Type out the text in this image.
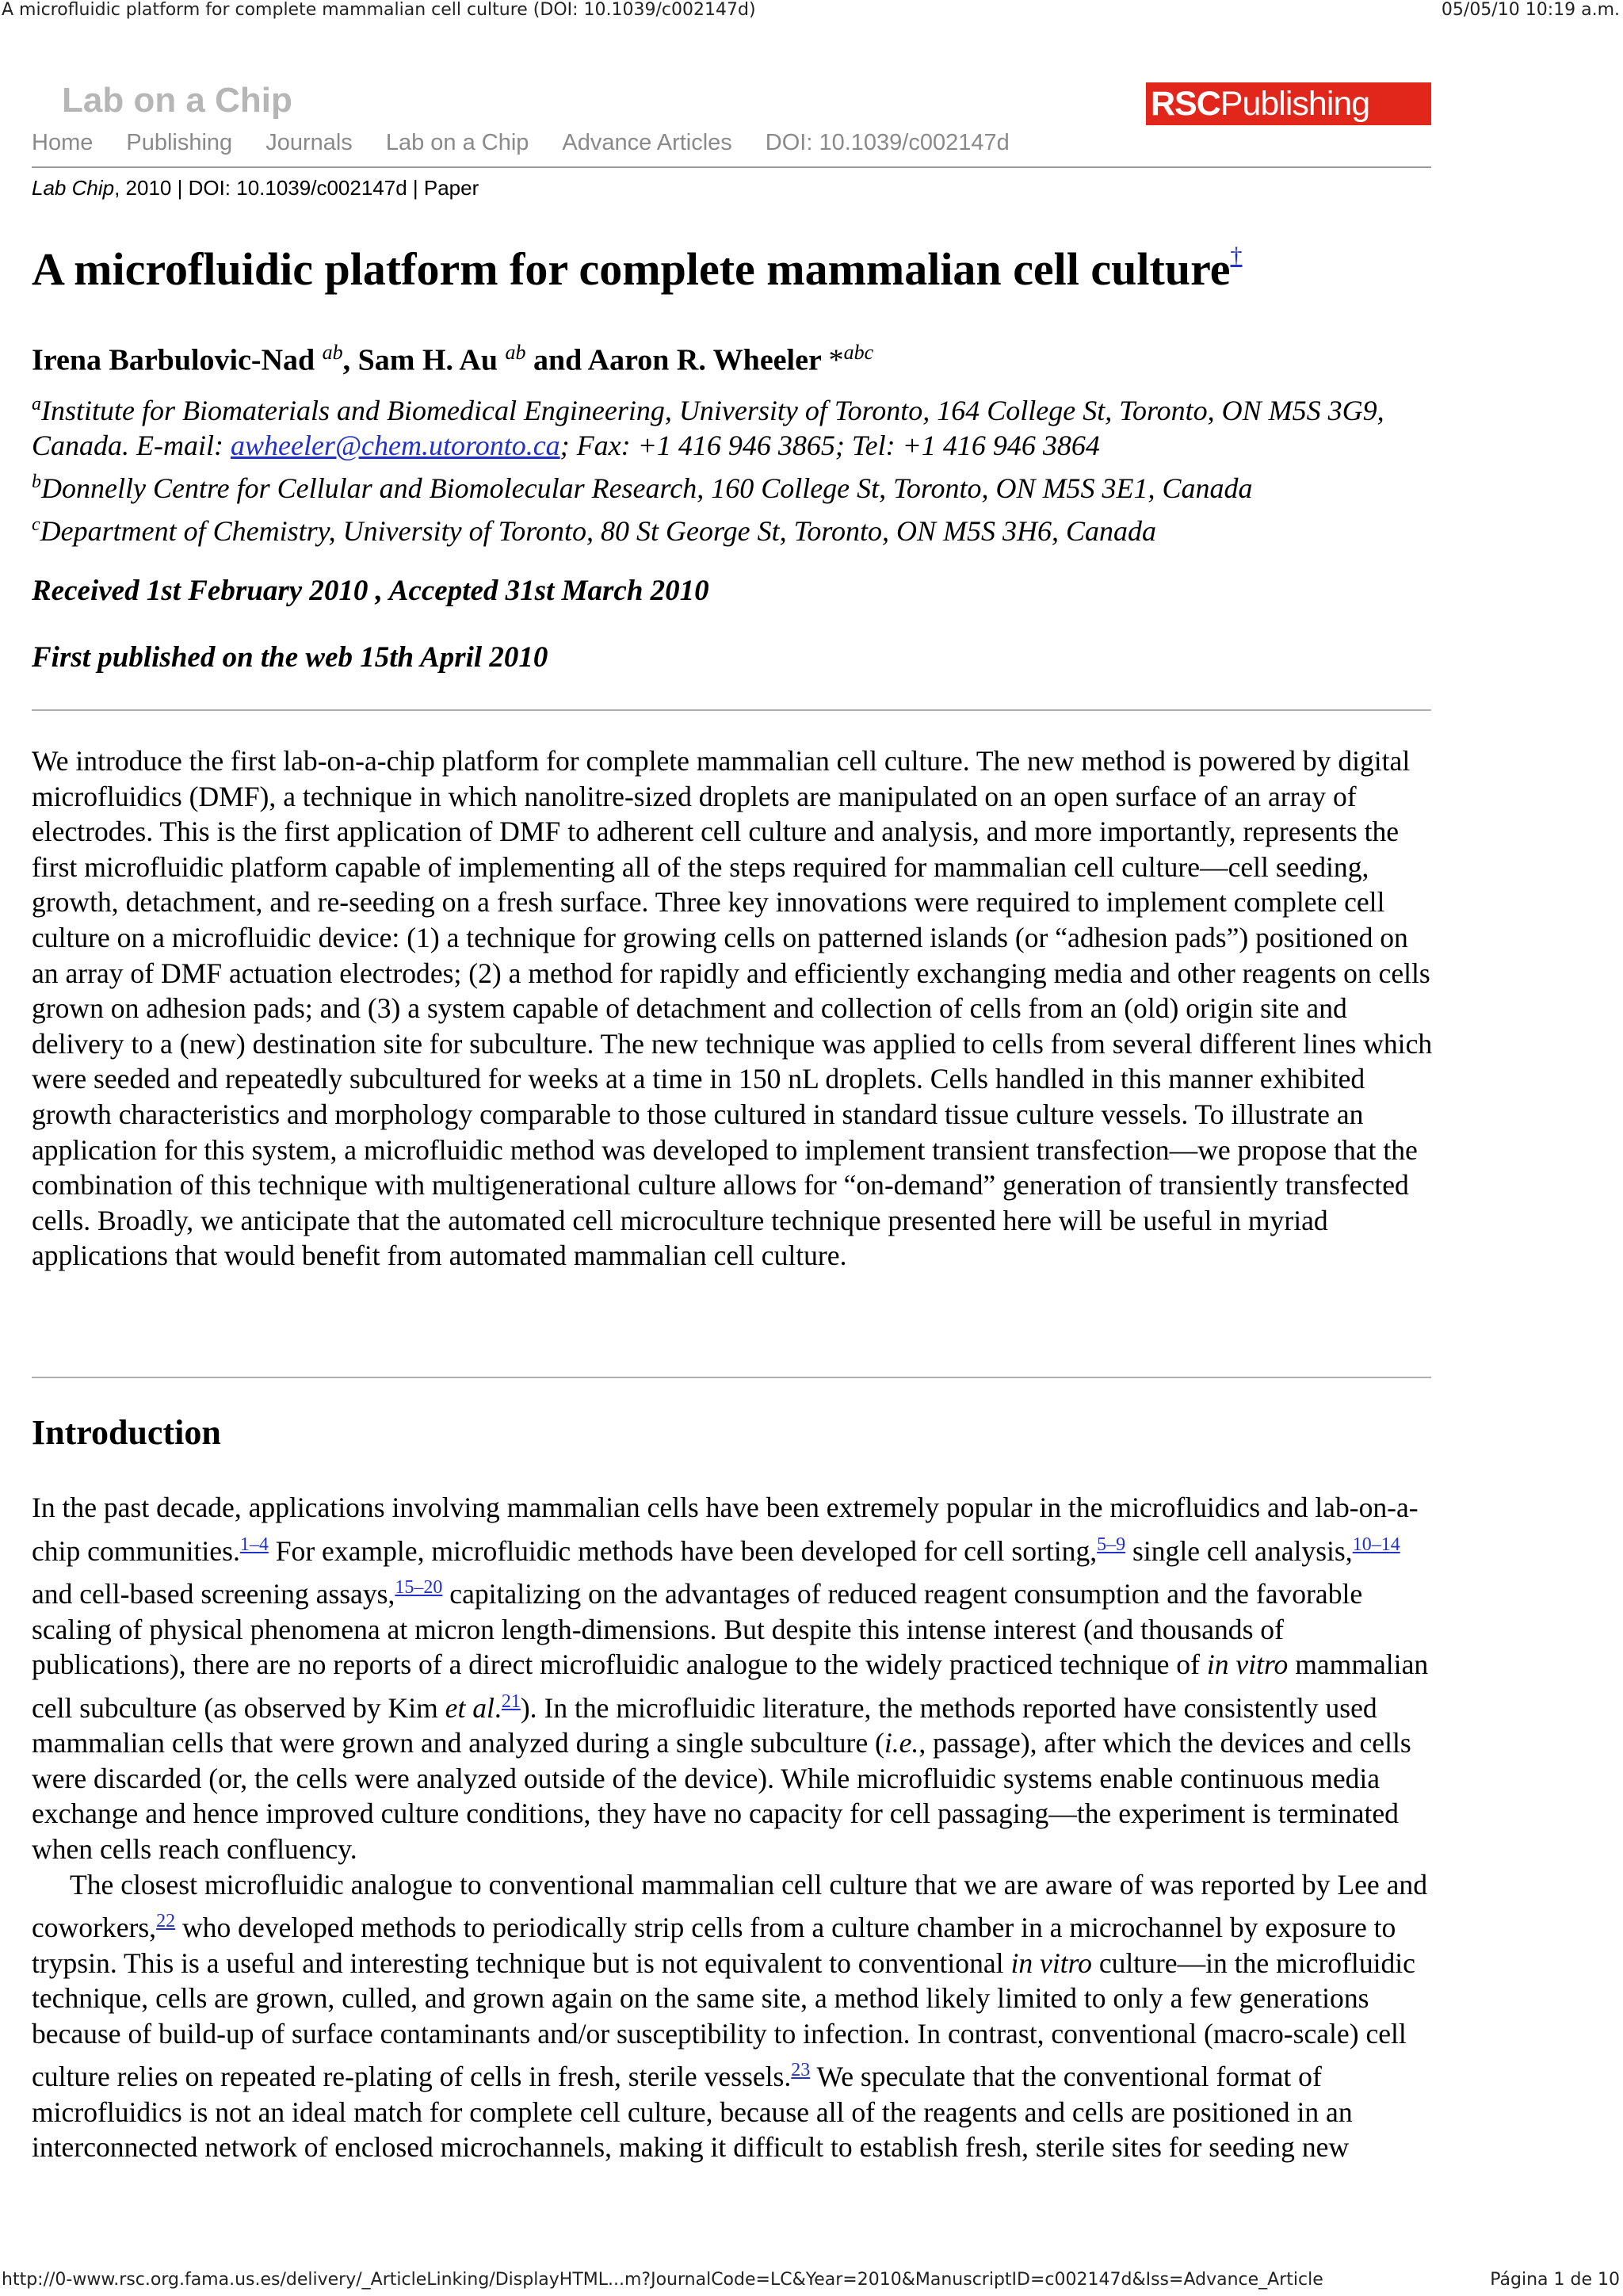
A microfluidic platform for complete mammalian cell culture (DOI: 10.1039/c002147d)	05/05/10 10:19 a.m.
Lab on a Chip	RSCPublishing
Home Publishing Journals Lab on a Chip Advance Articles DOI: 10.1039/c002147d
Lab Chip, 2010 | DOI: 10.1039/c002147d | Paper
A microfluidic platform for complete mammalian cell culture†
Irena Barbulovic-Nad $^{ab}$, Sam H. Au $^{ab}$ and Aaron R. Wheeler *$^{abc}$
$^a$Institute for Biomaterials and Biomedical Engineering, University of Toronto, 164 College St, Toronto, ON M5S 3G9, Canada. E-mail: awheeler@chem.utoronto.ca; Fax: +1 416 946 3865; Tel: +1 416 946 3864
$^b$Donnelly Centre for Cellular and Biomolecular Research, 160 College St, Toronto, ON M5S 3E1, Canada
$^c$Department of Chemistry, University of Toronto, 80 St George St, Toronto, ON M5S 3H6, Canada
Received 1st February 2010 , Accepted 31st March 2010
First published on the web 15th April 2010

We introduce the first lab-on-a-chip platform for complete mammalian cell culture. The new method is powered by digital microfluidics (DMF), a technique in which nanolitre-sized droplets are manipulated on an open surface of an array of electrodes. This is the first application of DMF to adherent cell culture and analysis, and more importantly, represents the first microfluidic platform capable of implementing all of the steps required for mammalian cell culture—cell seeding, growth, detachment, and re-seeding on a fresh surface. Three key innovations were required to implement complete cell culture on a microfluidic device: (1) a technique for growing cells on patterned islands (or “adhesion pads”) positioned on an array of DMF actuation electrodes; (2) a method for rapidly and efficiently exchanging media and other reagents on cells grown on adhesion pads; and (3) a system capable of detachment and collection of cells from an (old) origin site and delivery to a (new) destination site for subculture. The new technique was applied to cells from several different lines which were seeded and repeatedly subcultured for weeks at a time in 150 nL droplets. Cells handled in this manner exhibited growth characteristics and morphology comparable to those cultured in standard tissue culture vessels. To illustrate an application for this system, a microfluidic method was developed to implement transient transfection—we propose that the combination of this technique with multigenerational culture allows for “on-demand” generation of transiently transfected cells. Broadly, we anticipate that the automated cell microculture technique presented here will be useful in myriad applications that would benefit from automated mammalian cell culture.

Introduction

In the past decade, applications involving mammalian cells have been extremely popular in the microfluidics and lab-on-a-chip communities.$^{1-4}$ For example, microfluidic methods have been developed for cell sorting,$^{5-9}$ single cell analysis,$^{10-14}$ and cell-based screening assays,$^{15-20}$ capitalizing on the advantages of reduced reagent consumption and the favorable scaling of physical phenomena at micron length-dimensions. But despite this intense interest (and thousands of publications), there are no reports of a direct microfluidic analogue to the widely practiced technique of in vitro mammalian cell subculture (as observed by Kim et al.$^{21}$). In the microfluidic literature, the methods reported have consistently used mammalian cells that were grown and analyzed during a single subculture (i.e., passage), after which the devices and cells were discarded (or, the cells were analyzed outside of the device). While microfluidic systems enable continuous media exchange and hence improved culture conditions, they have no capacity for cell passaging—the experiment is terminated when cells reach confluency.

The closest microfluidic analogue to conventional mammalian cell culture that we are aware of was reported by Lee and coworkers,$^{22}$ who developed methods to periodically strip cells from a culture chamber in a microchannel by exposure to trypsin. This is a useful and interesting technique but is not equivalent to conventional in vitro culture—in the microfluidic technique, cells are grown, culled, and grown again on the same site, a method likely limited to only a few generations because of build-up of surface contaminants and/or susceptibility to infection. In contrast, conventional (macro-scale) cell culture relies on repeated re-plating of cells in fresh, sterile vessels.$^{23}$ We speculate that the conventional format of microfluidics is not an ideal match for complete cell culture, because all of the reagents and cells are positioned in an interconnected network of enclosed microchannels, making it difficult to establish fresh, sterile sites for seeding new

http://0-www.rsc.org.fama.us.es/delivery/_ArticleLinking/DisplayHTML...m?JournalCode=LC&Year=2010&ManuscriptID=c002147d&Iss=Advance_Article	Página 1 de 10
